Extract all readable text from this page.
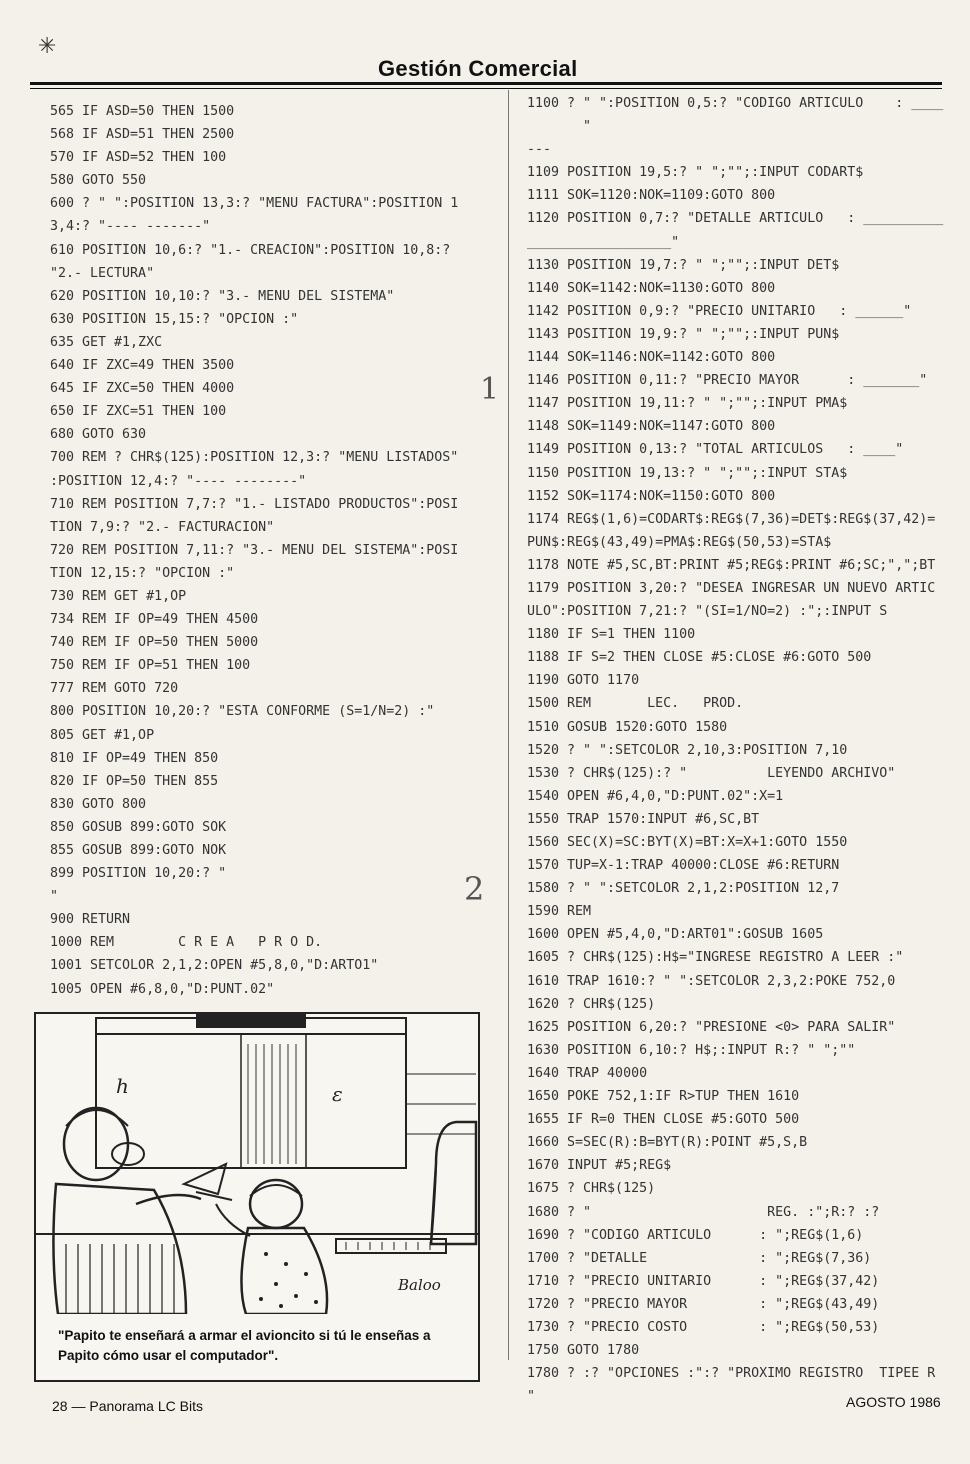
✳
Gestión Comercial
565 IF ASD=50 THEN 1500
568 IF ASD=51 THEN 2500
570 IF ASD=52 THEN 100
580 GOTO 550
600 ? " ":POSITION 13,3:? "MENU FACTURA":POSITION 1
3,4:? "---- -------"
610 POSITION 10,6:? "1.- CREACION":POSITION 10,8:?
"2.- LECTURA"
620 POSITION 10,10:? "3.- MENU DEL SISTEMA"
630 POSITION 15,15:? "OPCION :"
635 GET #1,ZXC
640 IF ZXC=49 THEN 3500
645 IF ZXC=50 THEN 4000
650 IF ZXC=51 THEN 100
680 GOTO 630
700 REM ? CHR$(125):POSITION 12,3:? "MENU LISTADOS"
:POSITION 12,4:? "---- --------"
710 REM POSITION 7,7:? "1.- LISTADO PRODUCTOS":POSI
TION 7,9:? "2.- FACTURACION"
720 REM POSITION 7,11:? "3.- MENU DEL SISTEMA":POSI
TION 12,15:? "OPCION :"
730 REM GET #1,OP
734 REM IF OP=49 THEN 4500
740 REM IF OP=50 THEN 5000
750 REM IF OP=51 THEN 100
777 REM GOTO 720
800 POSITION 10,20:? "ESTA CONFORME (S=1/N=2) :"
805 GET #1,OP
810 IF OP=49 THEN 850
820 IF OP=50 THEN 855
830 GOTO 800
850 GOSUB 899:GOTO SOK
855 GOSUB 899:GOTO NOK
899 POSITION 10,20:? "
"
900 RETURN
1000 REM        C R E A   P R O D.
1001 SETCOLOR 2,1,2:OPEN #5,8,0,"D:ARTO1"
1005 OPEN #6,8,0,"D:PUNT.02"
1100 ? " ":POSITION 0,5:? "CODIGO ARTICULO    : ____
"
---
1109 POSITION 19,5:? " ";"";:INPUT CODART$
1111 SOK=1120:NOK=1109:GOTO 800
1120 POSITION 0,7:? "DETALLE ARTICULO   : __________
__________________"
1130 POSITION 19,7:? " ";"";:INPUT DET$
1140 SOK=1142:NOK=1130:GOTO 800
1142 POSITION 0,9:? "PRECIO UNITARIO   : ______"
1143 POSITION 19,9:? " ";"";:INPUT PUN$
1144 SOK=1146:NOK=1142:GOTO 800
1146 POSITION 0,11:? "PRECIO MAYOR      : _______"
1147 POSITION 19,11:? " ";"";:INPUT PMA$
1148 SOK=1149:NOK=1147:GOTO 800
1149 POSITION 0,13:? "TOTAL ARTICULOS   : ____"
1150 POSITION 19,13:? " ";"";:INPUT STA$
1152 SOK=1174:NOK=1150:GOTO 800
1174 REG$(1,6)=CODART$:REG$(7,36)=DET$:REG$(37,42)=
PUN$:REG$(43,49)=PMA$:REG$(50,53)=STA$
1178 NOTE #5,SC,BT:PRINT #5;REG$:PRINT #6;SC;",";BT
1179 POSITION 3,20:? "DESEA INGRESAR UN NUEVO ARTIC
ULO":POSITION 7,21:? "(SI=1/NO=2) :";:INPUT S
1180 IF S=1 THEN 1100
1188 IF S=2 THEN CLOSE #5:CLOSE #6:GOTO 500
1190 GOTO 1170
1500 REM       LEC.   PROD.
1510 GOSUB 1520:GOTO 1580
1520 ? " ":SETCOLOR 2,10,3:POSITION 7,10
1530 ? CHR$(125):? "          LEYENDO ARCHIVO"
1540 OPEN #6,4,0,"D:PUNT.02":X=1
1550 TRAP 1570:INPUT #6,SC,BT
1560 SEC(X)=SC:BYT(X)=BT:X=X+1:GOTO 1550
1570 TUP=X-1:TRAP 40000:CLOSE #6:RETURN
1580 ? " ":SETCOLOR 2,1,2:POSITION 12,7
1590 REM
1600 OPEN #5,4,0,"D:ART01":GOSUB 1605
1605 ? CHR$(125):H$="INGRESE REGISTRO A LEER :"
1610 TRAP 1610:? " ":SETCOLOR 2,3,2:POKE 752,0
1620 ? CHR$(125)
1625 POSITION 6,20:? "PRESIONE <0> PARA SALIR"
1630 POSITION 6,10:? H$;:INPUT R:? " ";""
1640 TRAP 40000
1650 POKE 752,1:IF R>TUP THEN 1610
1655 IF R=0 THEN CLOSE #5:GOTO 500
1660 S=SEC(R):B=BYT(R):POINT #5,S,B
1670 INPUT #5;REG$
1675 ? CHR$(125)
1680 ? "                      REG. :";R:? :?
1690 ? "CODIGO ARTICULO      : ";REG$(1,6)
1700 ? "DETALLE              : ";REG$(7,36)
1710 ? "PRECIO UNITARIO      : ";REG$(37,42)
1720 ? "PRECIO MAYOR         : ";REG$(43,49)
1730 ? "PRECIO COSTO         : ";REG$(50,53)
1750 GOTO 1780
1780 ? :? "OPCIONES :":? "PROXIMO REGISTRO  TIPEE R
"
1
2
Baloo
h	ɛ
"Papito te enseñará a armar el avioncito si tú le enseñas a Papito cómo usar el computador".
28 — Panorama LC Bits	AGOSTO 1986
